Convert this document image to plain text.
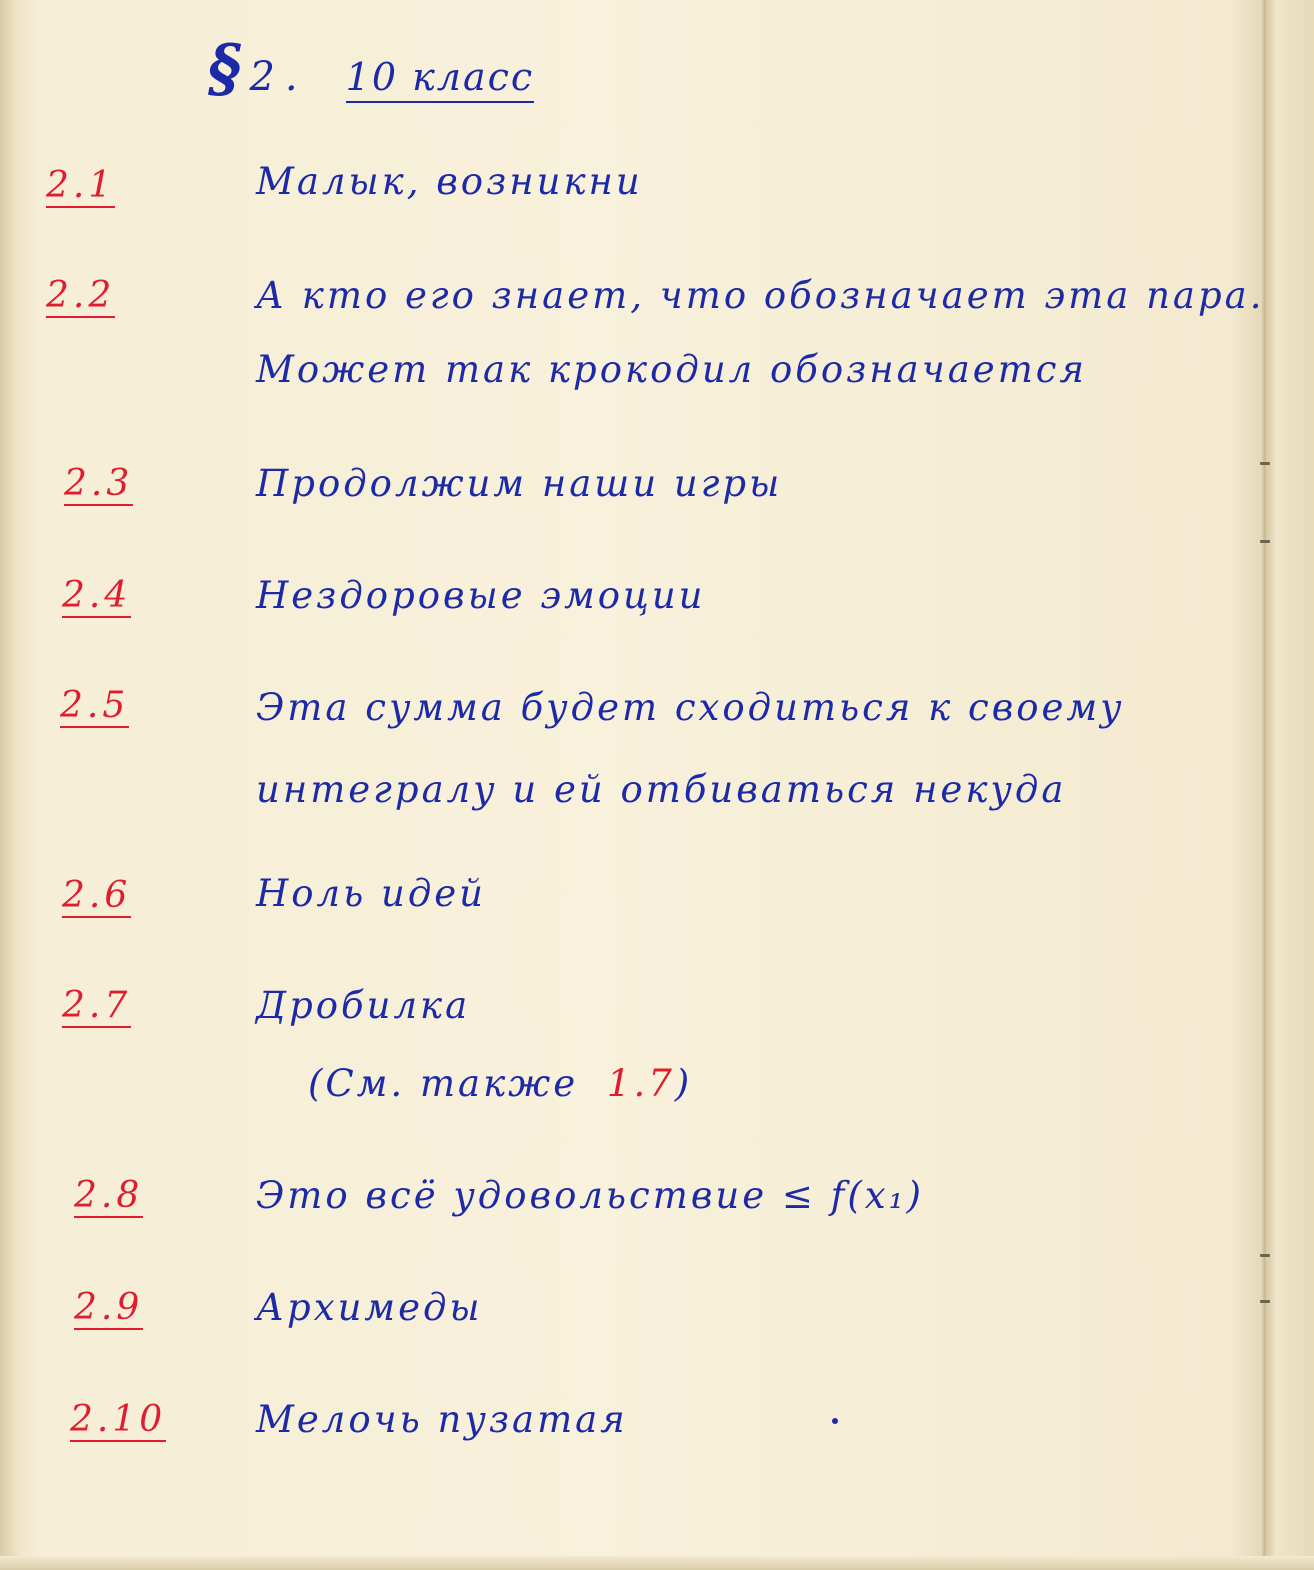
§ 2 . 10 класс
2.1	Малык, возникни
2.2	А кто его знает, что обозначает эта пара.
Может так крокодил обозначается
2.3	Продолжим наши игры
2.4	Нездоровые эмоции
2.5	Эта сумма будет сходиться к своему
интегралу и ей отбиваться некуда
2.6	Ноль идей
2.7	Дробилка
(См. также 1.7)
2.8	Это всё удовольствие ≤ f(x₁)
2.9	Архимеды
2.10 Мелочь пузатая
